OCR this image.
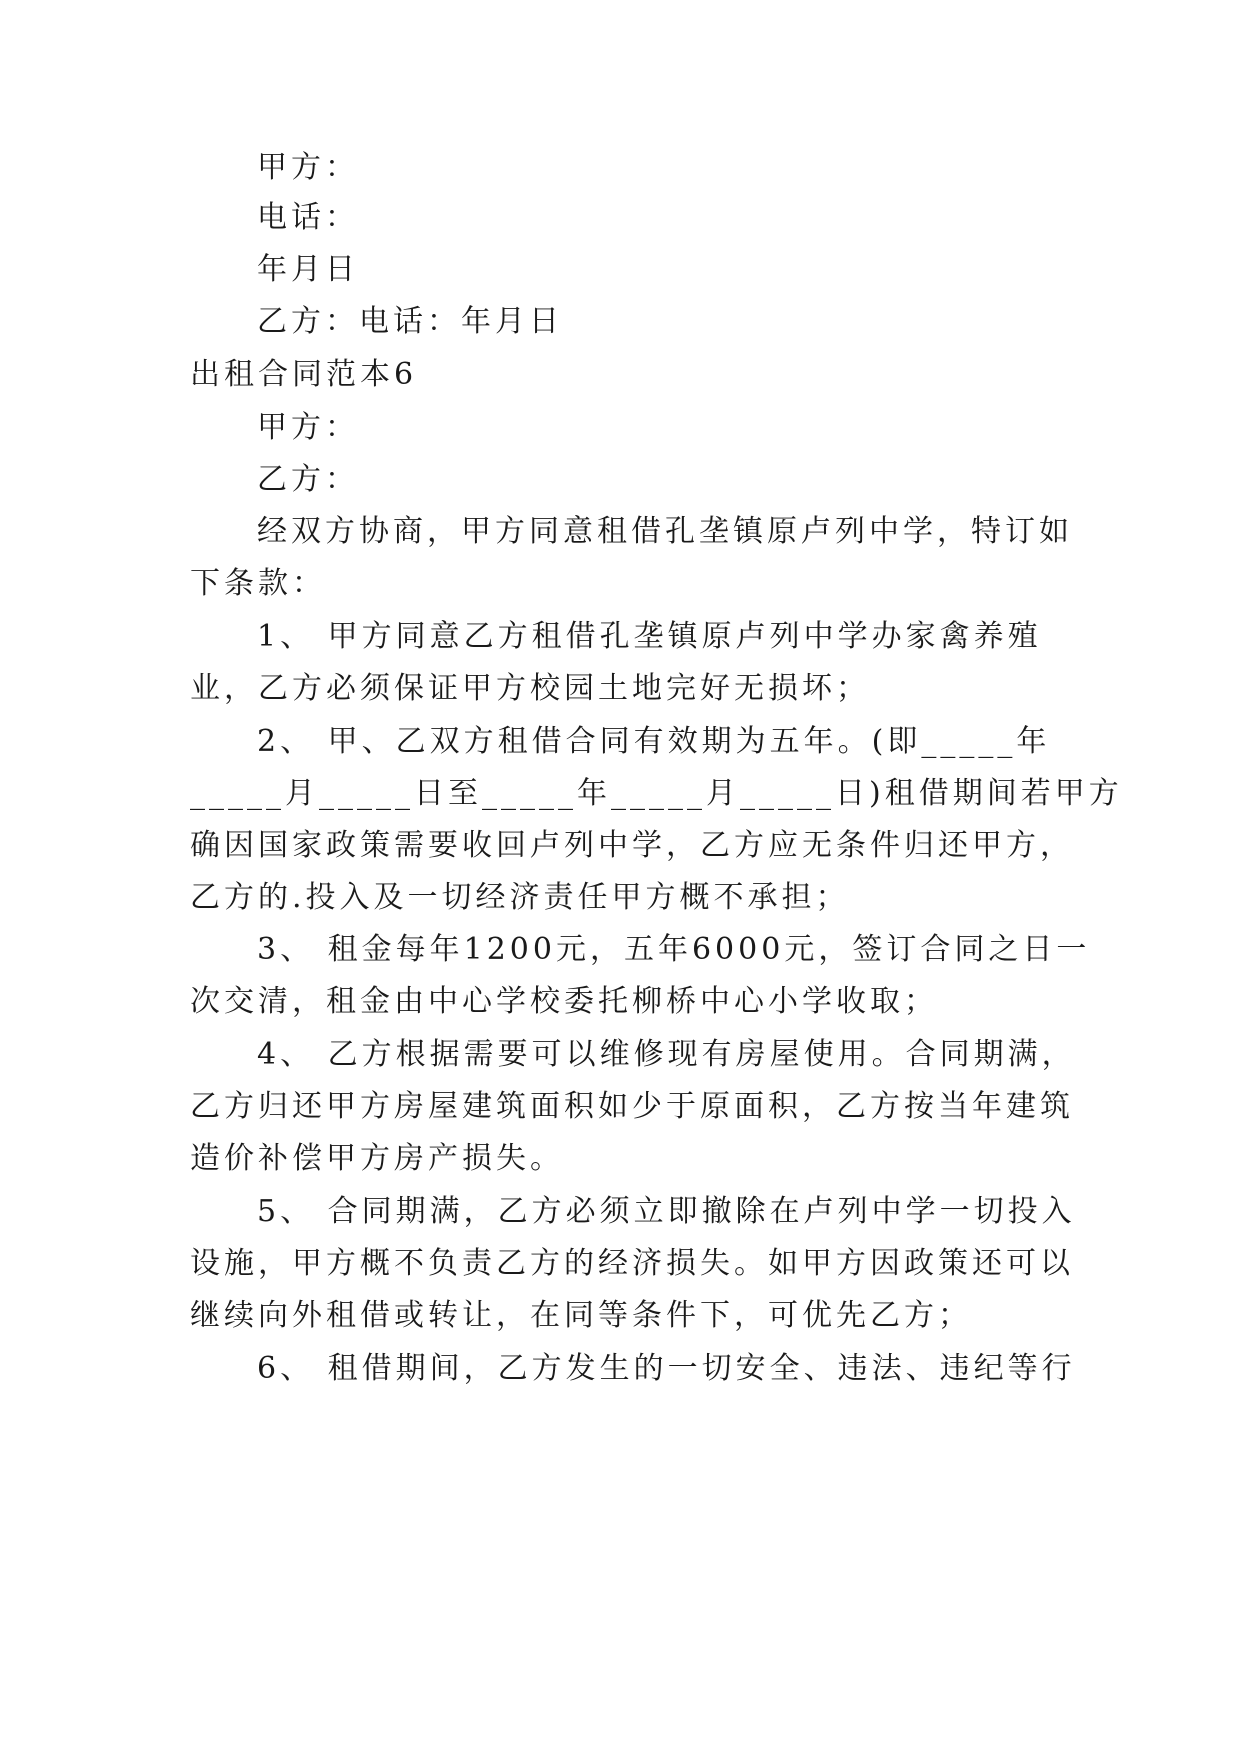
甲方：
电话：
年月日
乙方：电话：年月日
出租合同范本6
甲方：
乙方：
经双方协商，甲方同意租借孔垄镇原卢列中学，特订如
下条款：
1、 甲方同意乙方租借孔垄镇原卢列中学办家禽养殖
业，乙方必须保证甲方校园土地完好无损坏；
2、 甲、乙双方租借合同有效期为五年。(即_____年
_____月_____日至_____年_____月_____日)租借期间若甲方
确因国家政策需要收回卢列中学，乙方应无条件归还甲方，
乙方的.投入及一切经济责任甲方概不承担；
3、 租金每年1200元，五年6000元，签订合同之日一
次交清，租金由中心学校委托柳桥中心小学收取；
4、 乙方根据需要可以维修现有房屋使用。合同期满，
乙方归还甲方房屋建筑面积如少于原面积，乙方按当年建筑
造价补偿甲方房产损失。
5、 合同期满，乙方必须立即撤除在卢列中学一切投入
设施，甲方概不负责乙方的经济损失。如甲方因政策还可以
继续向外租借或转让，在同等条件下，可优先乙方；
6、 租借期间，乙方发生的一切安全、违法、违纪等行
